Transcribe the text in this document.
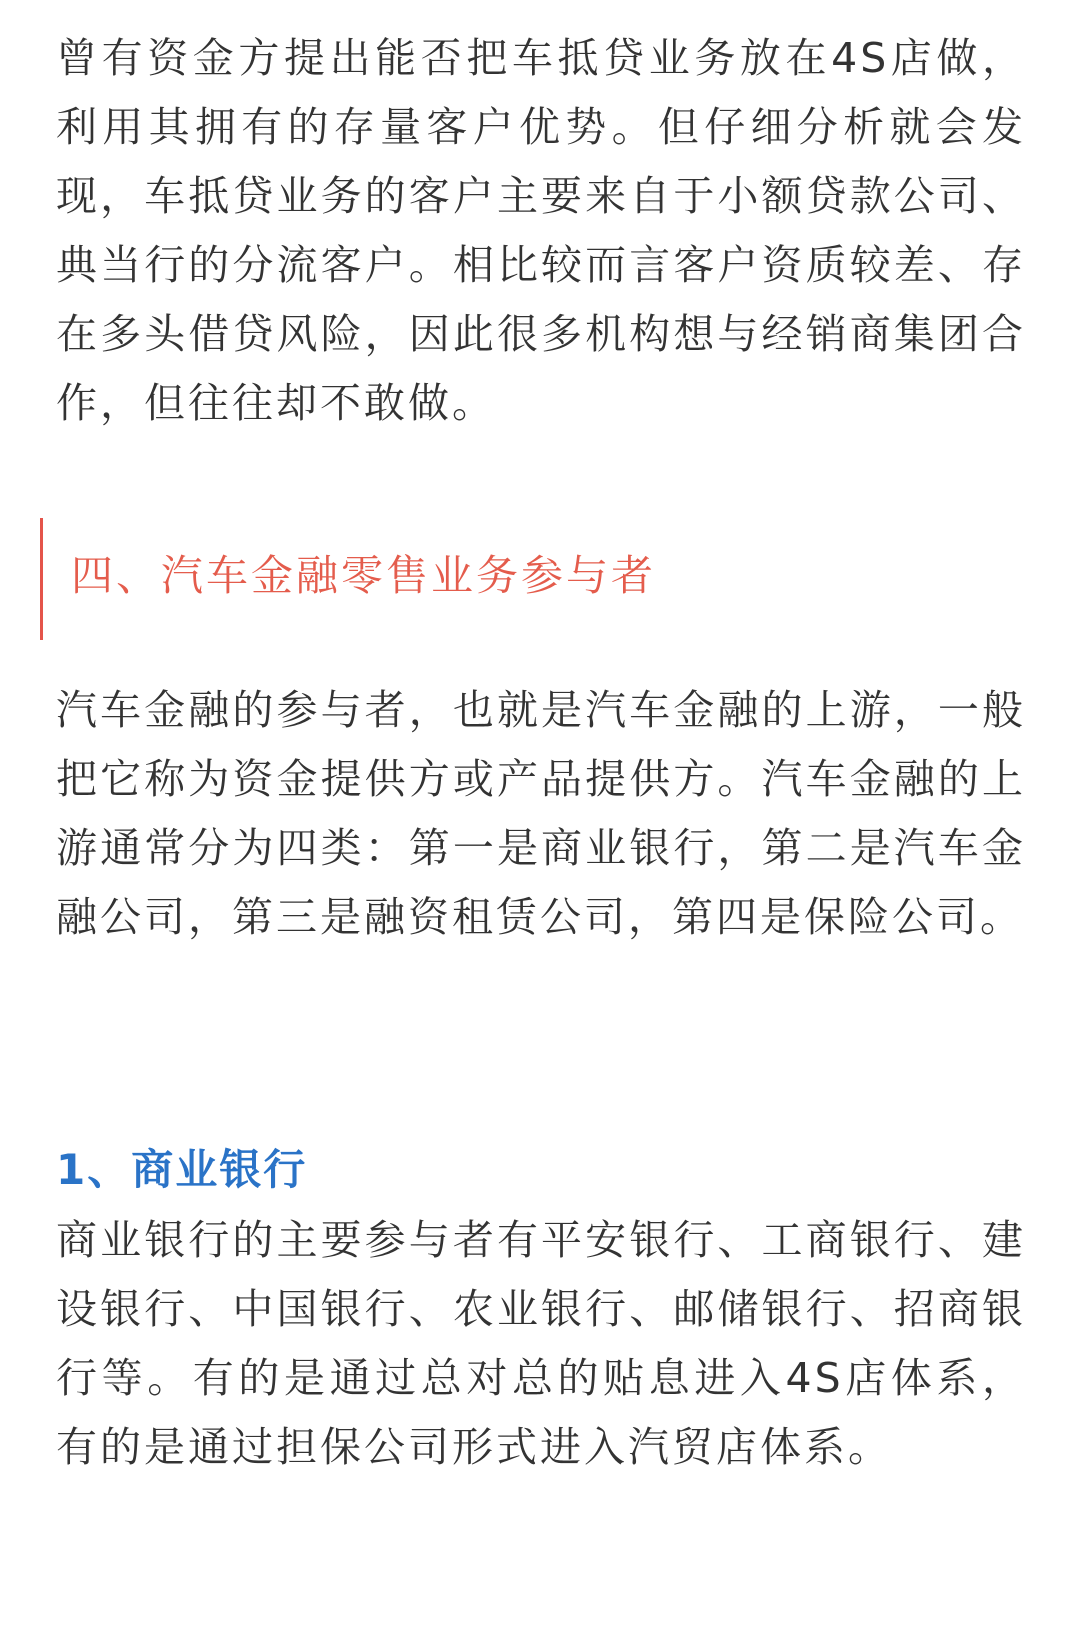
曾有资金方提出能否把车抵贷业务放在4S店做，利用其拥有的存量客户优势。但仔细分析就会发现，车抵贷业务的客户主要来自于小额贷款公司、典当行的分流客户。相比较而言客户资质较差、存在多头借贷风险，因此很多机构想与经销商集团合作，但往往却不敢做。

四、汽车金融零售业务参与者

汽车金融的参与者，也就是汽车金融的上游，一般把它称为资金提供方或产品提供方。汽车金融的上游通常分为四类：第一是商业银行，第二是汽车金融公司，第三是融资租赁公司，第四是保险公司。

1、商业银行

商业银行的主要参与者有平安银行、工商银行、建设银行、中国银行、农业银行、邮储银行、招商银行等。有的是通过总对总的贴息进入4S店体系，有的是通过担保公司形式进入汽贸店体系。
